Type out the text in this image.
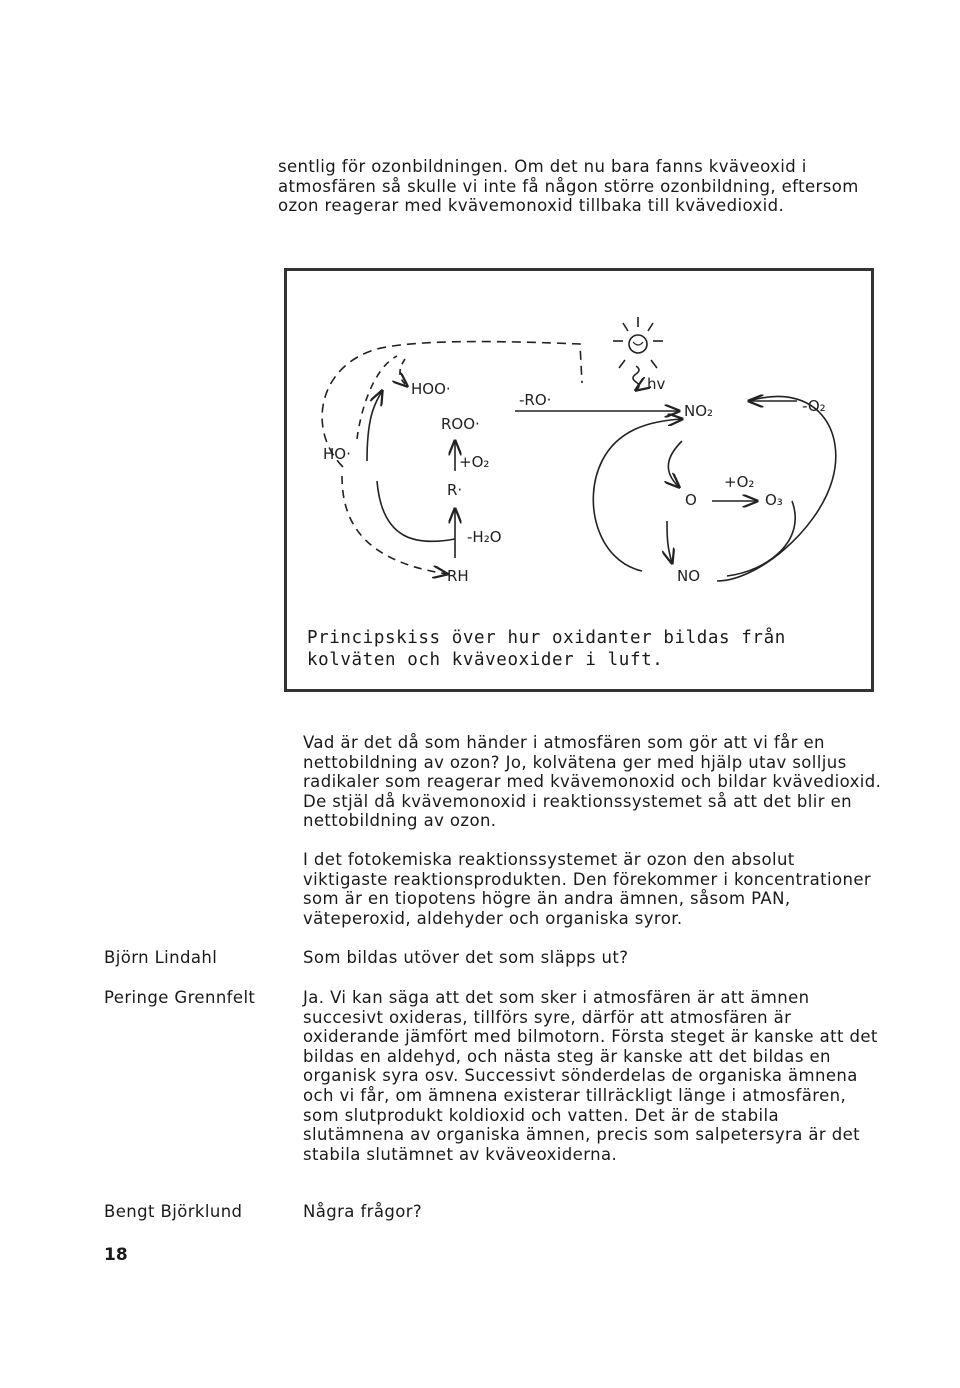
sentlig för ozonbildningen. Om det nu bara fanns kväveoxid i atmosfären så skulle vi inte få någon större ozonbildning, eftersom ozon reagerar med kvävemonoxid tillbaka till kvävedioxid.

HOO·
-RO·
NO₂
hv
-O₂
HO·
ROO·
+O₂
R·
O
+O₂
O₃
-H₂O
RH	NO

Principskiss över hur oxidanter bildas från kolväten och kväveoxider i luft.

Vad är det då som händer i atmosfären som gör att vi får en nettobildning av ozon? Jo, kolvätena ger med hjälp utav solljus radikaler som reagerar med kvävemonoxid och bildar kvävedioxid. De stjäl då kvävemonoxid i reaktionssystemet så att det blir en nettobildning av ozon.

I det fotokemiska reaktionssystemet är ozon den absolut viktigaste reaktionsprodukten. Den förekommer i koncentrationer som är en tiopotens högre än andra ämnen, såsom PAN, väteperoxid, aldehyder och organiska syror.

Björn Lindahl	Som bildas utöver det som släpps ut?

Peringe Grennfelt	Ja. Vi kan säga att det som sker i atmosfären är att ämnen succesivt oxideras, tillförs syre, därför att atmosfären är oxiderande jämfört med bilmotorn. Första steget är kanske att det bildas en aldehyd, och nästa steg är kanske att det bildas en organisk syra osv. Successivt sönderdelas de organiska ämnena och vi får, om ämnena existerar tillräckligt länge i atmosfären, som slutprodukt koldioxid och vatten. Det är de stabila slutämnena av organiska ämnen, precis som salpetersyra är det stabila slutämnet av kväveoxiderna.

Bengt Björklund	Några frågor?

18
